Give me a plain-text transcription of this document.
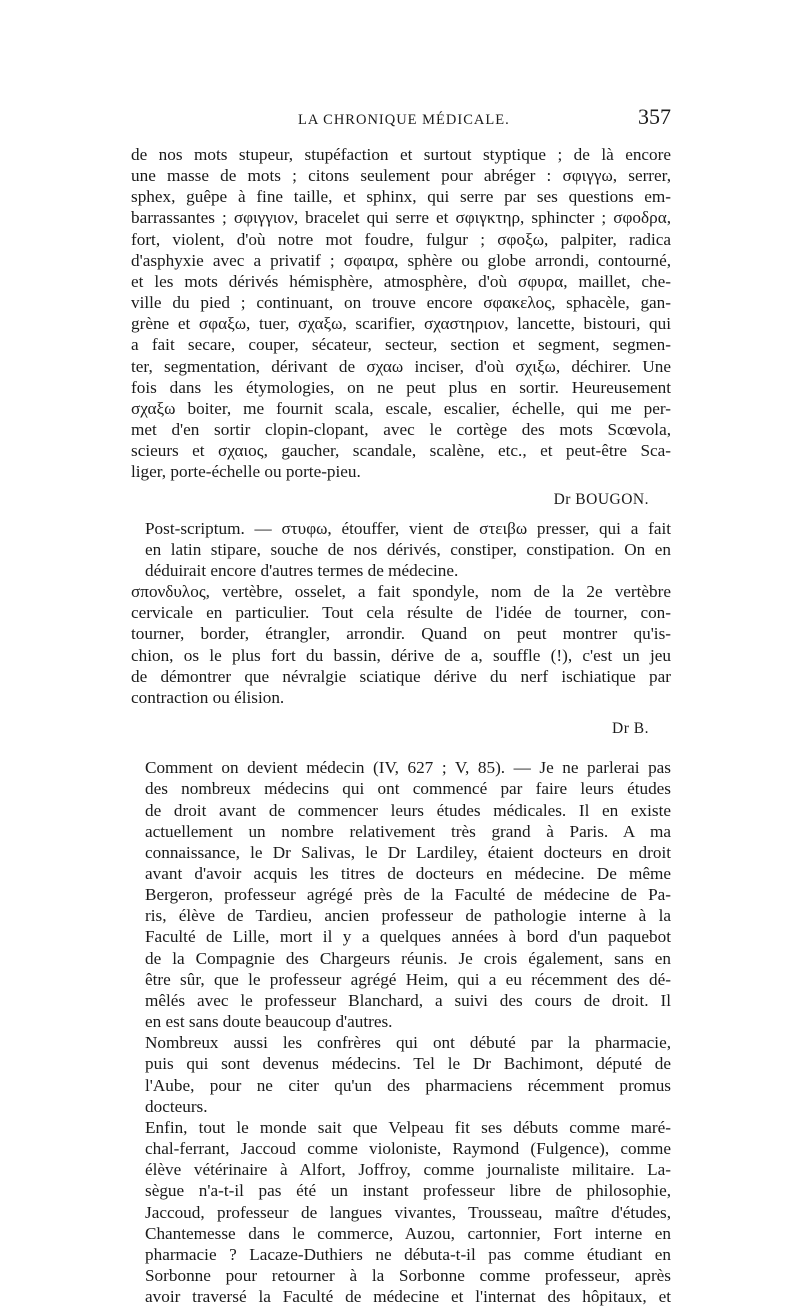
LA CHRONIQUE MÉDICALE.	357

de nos mots stupeur, stupéfaction et surtout styptique ; de là encore
une masse de mots ; citons seulement pour abréger : σφιγγω, serrer,
sphex, guêpe à fine taille, et sphinx, qui serre par ses questions em-
barrassantes ; σφιγγιον, bracelet qui serre et σφιγκτηρ, sphincter ; σφοδρα,
fort, violent, d'où notre mot foudre, fulgur ; σφοξω, palpiter, radica
d'asphyxie avec a privatif ; σφαιρα, sphère ou globe arrondi, contourné,
et les mots dérivés hémisphère, atmosphère, d'où σφυρα, maillet, che-
ville du pied ; continuant, on trouve encore σφακελος, sphacèle, gan-
grène et σφαξω, tuer, σχαξω, scarifier, σχαστηριον, lancette, bistouri, qui
a fait secare, couper, sécateur, secteur, section et segment, segmen-
ter, segmentation, dérivant de σχαω inciser, d'où σχιξω, déchirer. Une
fois dans les étymologies, on ne peut plus en sortir. Heureusement
σχαξω boiter, me fournit scala, escale, escalier, échelle, qui me per-
met d'en sortir clopin-clopant, avec le cortège des mots Scœvola,
scieurs et σχαιος, gaucher, scandale, scalène, etc., et peut-être Sca-
liger, porte-échelle ou porte-pieu.

Dr BOUGON.

Post-scriptum. — στυφω, étouffer, vient de στειβω presser, qui a fait
en latin stipare, souche de nos dérivés, constiper, constipation. On en
déduirait encore d'autres termes de médecine.

σπονδυλος, vertèbre, osselet, a fait spondyle, nom de la 2e vertèbre
cervicale en particulier. Tout cela résulte de l'idée de tourner, con-
tourner, border, étrangler, arrondir. Quand on peut montrer qu'is-
chion, os le plus fort du bassin, dérive de a, souffle (!), c'est un jeu
de démontrer que névralgie sciatique dérive du nerf ischiatique par
contraction ou élision.

Dr B.

Comment on devient médecin (IV, 627 ; V, 85). — Je ne parlerai pas
des nombreux médecins qui ont commencé par faire leurs études
de droit avant de commencer leurs études médicales. Il en existe
actuellement un nombre relativement très grand à Paris. A ma
connaissance, le Dr Salivas, le Dr Lardiley, étaient docteurs en droit
avant d'avoir acquis les titres de docteurs en médecine. De même
Bergeron, professeur agrégé près de la Faculté de médecine de Pa-
ris, élève de Tardieu, ancien professeur de pathologie interne à la
Faculté de Lille, mort il y a quelques années à bord d'un paquebot
de la Compagnie des Chargeurs réunis. Je crois également, sans en
être sûr, que le professeur agrégé Heim, qui a eu récemment des dé-
mêlés avec le professeur Blanchard, a suivi des cours de droit. Il
en est sans doute beaucoup d'autres.

Nombreux aussi les confrères qui ont débuté par la pharmacie,
puis qui sont devenus médecins. Tel le Dr Bachimont, député de
l'Aube, pour ne citer qu'un des pharmaciens récemment promus
docteurs.

Enfin, tout le monde sait que Velpeau fit ses débuts comme maré-
chal-ferrant, Jaccoud comme violoniste, Raymond (Fulgence), comme
élève vétérinaire à Alfort, Joffroy, comme journaliste militaire. La-
sègue n'a-t-il pas été un instant professeur libre de philosophie,
Jaccoud, professeur de langues vivantes, Trousseau, maître d'études,
Chantemesse dans le commerce, Auzou, cartonnier, Fort interne en
pharmacie ? Lacaze-Duthiers ne débuta-t-il pas comme étudiant en
Sorbonne pour retourner à la Sorbonne comme professeur, après
avoir traversé la Faculté de médecine et l'internat des hôpitaux, et
